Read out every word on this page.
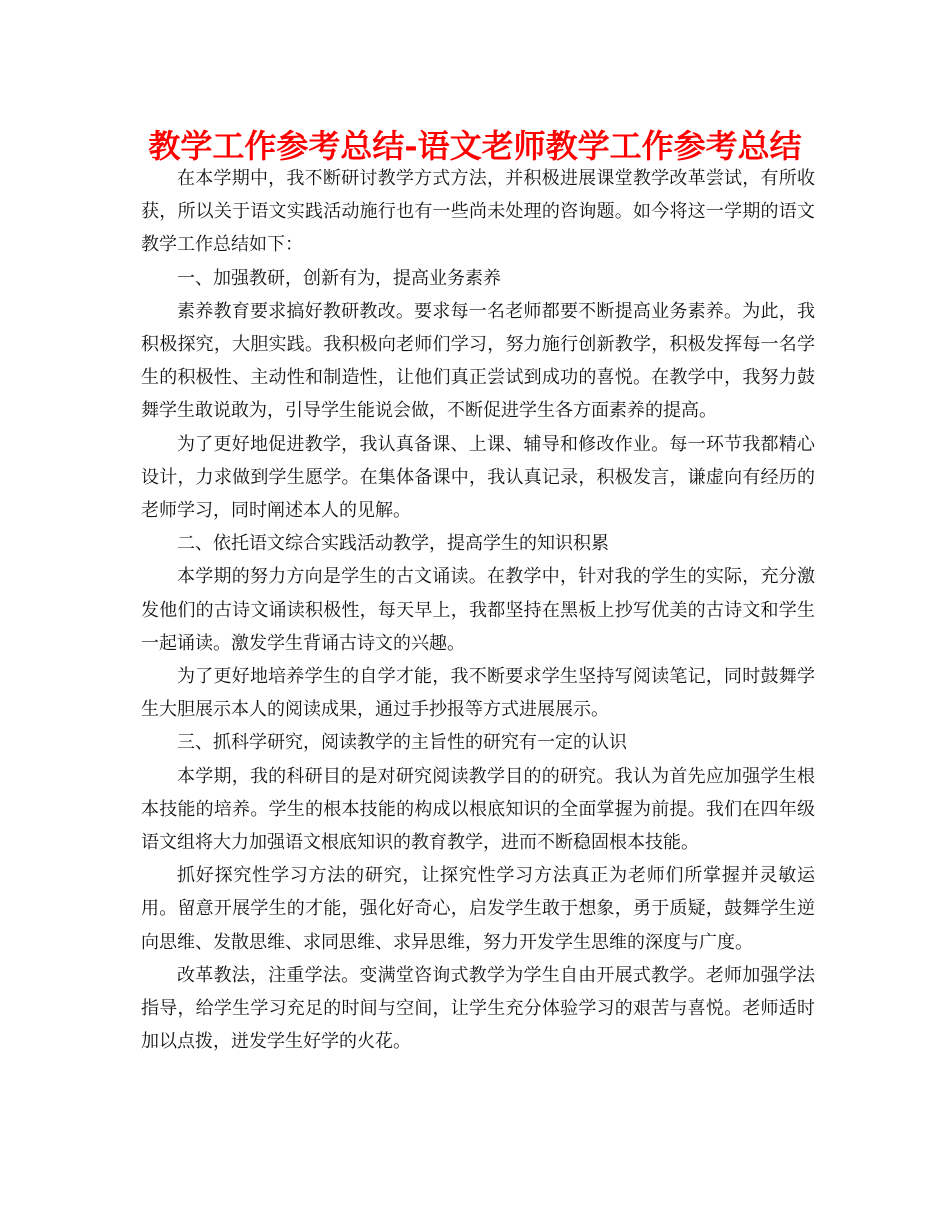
教学工作参考总结-语文老师教学工作参考总结

在本学期中，我不断研讨教学方式方法，并积极进展课堂教学改革尝试，有所收获，所以关于语文实践活动施行也有一些尚未处理的咨询题。如今将这一学期的语文教学工作总结如下：

一、加强教研，创新有为，提高业务素养

素养教育要求搞好教研教改。要求每一名老师都要不断提高业务素养。为此，我积极探究，大胆实践。我积极向老师们学习，努力施行创新教学，积极发挥每一名学生的积极性、主动性和制造性，让他们真正尝试到成功的喜悦。在教学中，我努力鼓舞学生敢说敢为，引导学生能说会做，不断促进学生各方面素养的提高。

为了更好地促进教学，我认真备课、上课、辅导和修改作业。每一环节我都精心设计，力求做到学生愿学。在集体备课中，我认真记录，积极发言，谦虚向有经历的老师学习，同时阐述本人的见解。

二、依托语文综合实践活动教学，提高学生的知识积累

本学期的努力方向是学生的古文诵读。在教学中，针对我的学生的实际，充分激发他们的古诗文诵读积极性，每天早上，我都坚持在黑板上抄写优美的古诗文和学生一起诵读。激发学生背诵古诗文的兴趣。

为了更好地培养学生的自学才能，我不断要求学生坚持写阅读笔记，同时鼓舞学生大胆展示本人的阅读成果，通过手抄报等方式进展展示。

三、抓科学研究，阅读教学的主旨性的研究有一定的认识

本学期，我的科研目的是对研究阅读教学目的的研究。我认为首先应加强学生根本技能的培养。学生的根本技能的构成以根底知识的全面掌握为前提。我们在四年级语文组将大力加强语文根底知识的教育教学，进而不断稳固根本技能。

抓好探究性学习方法的研究，让探究性学习方法真正为老师们所掌握并灵敏运用。留意开展学生的才能，强化好奇心，启发学生敢于想象，勇于质疑，鼓舞学生逆向思维、发散思维、求同思维、求异思维，努力开发学生思维的深度与广度。

改革教法，注重学法。变满堂咨询式教学为学生自由开展式教学。老师加强学法指导，给学生学习充足的时间与空间，让学生充分体验学习的艰苦与喜悦。老师适时加以点拨，迸发学生好学的火花。
